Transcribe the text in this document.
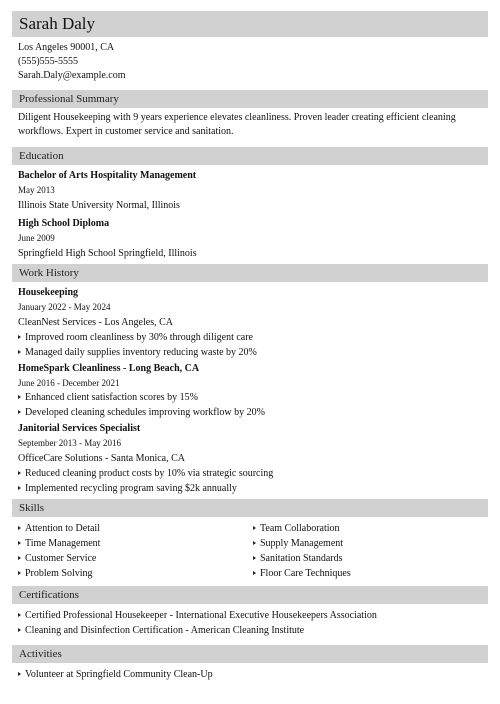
Sarah Daly
Los Angeles 90001, CA
(555)555-5555
Sarah.Daly@example.com
Professional Summary
Diligent Housekeeping with 9 years experience elevates cleanliness. Proven leader creating efficient cleaning workflows. Expert in customer service and sanitation.
Education
Bachelor of Arts Hospitality Management
May 2013
Illinois State University Normal, Illinois
High School Diploma
June 2009
Springfield High School Springfield, Illinois
Work History
Housekeeping
January 2022 - May 2024
CleanNest Services - Los Angeles, CA
Improved room cleanliness by 30% through diligent care
Managed daily supplies inventory reducing waste by 20%
HomeSpark Cleanliness - Long Beach, CA
June 2016 - December 2021
Enhanced client satisfaction scores by 15%
Developed cleaning schedules improving workflow by 20%
Janitorial Services Specialist
September 2013 - May 2016
OfficeCare Solutions - Santa Monica, CA
Reduced cleaning product costs by 10% via strategic sourcing
Implemented recycling program saving $2k annually
Skills
Attention to Detail
Time Management
Customer Service
Problem Solving
Team Collaboration
Supply Management
Sanitation Standards
Floor Care Techniques
Certifications
Certified Professional Housekeeper - International Executive Housekeepers Association
Cleaning and Disinfection Certification - American Cleaning Institute
Activities
Volunteer at Springfield Community Clean-Up
